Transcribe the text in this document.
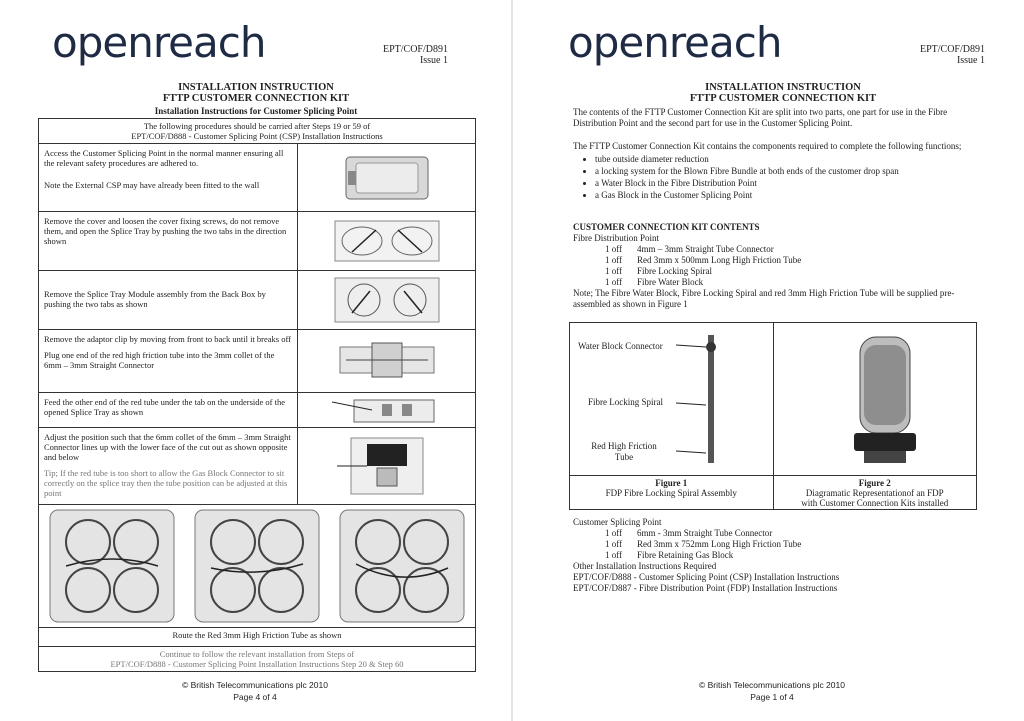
openreach	EPT/COF/D891
Issue 1
INSTALLATION INSTRUCTION
FTTP CUSTOMER CONNECTION KIT
Installation Instructions for Customer Splicing Point
The following procedures should be carried after Steps 19 or 59 of
EPT/COF/D888 - Customer Splicing Point (CSP) Installation Instructions

Access the Customer Splicing Point in the normal manner ensuring all the relevant safety procedures are adhered to.

Note the External CSP may have already been fitted to the wall

Remove the cover and loosen the cover fixing screws, do not remove them, and open the Splice Tray by pushing the two tabs in the direction shown

Remove the Splice Tray Module assembly from the Back Box by pushing the two tabs as shown

Remove the adaptor clip by moving from front to back until it breaks off

Plug one end of the red high friction tube into the 3mm collet of the 6mm – 3mm Straight Connector

Feed the other end of the red tube under the tab on the underside of the opened Splice Tray as shown

Adjust the position such that the 6mm collet of the 6mm – 3mm Straight Connector lines up with the lower face of the cut out as shown opposite and below

Tip; If the red tube is too short to allow the Gas Block Connector to sit correctly on the splice tray then the tube position can be adjusted at this point

Route the Red 3mm High Friction Tube as shown
Continue to follow the relevant installation from Steps of
EPT/COF/D888 - Customer Splicing Point Installation Instructions Step 20 & Step 60
© British Telecommunications plc 2010
Page 4 of 4
openreach	EPT/COF/D891
Issue 1
INSTALLATION INSTRUCTION
FTTP CUSTOMER CONNECTION KIT
The contents of the FTTP Customer Connection Kit are split into two parts, one part for use in the Fibre Distribution Point and the second part for use in the Customer Splicing Point.
The FTTP Customer Connection Kit contains the components required to complete the following functions;
• tube outside diameter reduction
• a locking system for the Blown Fibre Bundle at both ends of the customer drop span
• a Water Block in the Fibre Distribution Point
• a Gas Block in the Customer Splicing Point
CUSTOMER CONNECTION KIT CONTENTS
Fibre Distribution Point
1 off	4mm – 3mm Straight Tube Connector
1 off	Red 3mm x 500mm Long High Friction Tube
1 off	Fibre Locking Spiral
1 off	Fibre Water Block
Note; The Fibre Water Block, Fibre Locking Spiral and red 3mm High Friction Tube will be supplied pre-assembled as shown in Figure 1
Water Block Connector
Fibre Locking Spiral
Red High Friction
Tube
Figure 1
FDP Fibre Locking Spiral Assembly
Figure 2
Diagramatic Representationof an FDP
with Customer Connection Kits installed
Customer Splicing Point
1 off	6mm - 3mm Straight Tube Connector
1 off	Red 3mm x 752mm Long High Friction Tube
1 off	Fibre Retaining Gas Block
Other Installation Instructions Required
EPT/COF/D888 - Customer Splicing Point (CSP) Installation Instructions
EPT/COF/D887 - Fibre Distribution Point (FDP) Installation Instructions
© British Telecommunications plc 2010
Page 1 of 4
